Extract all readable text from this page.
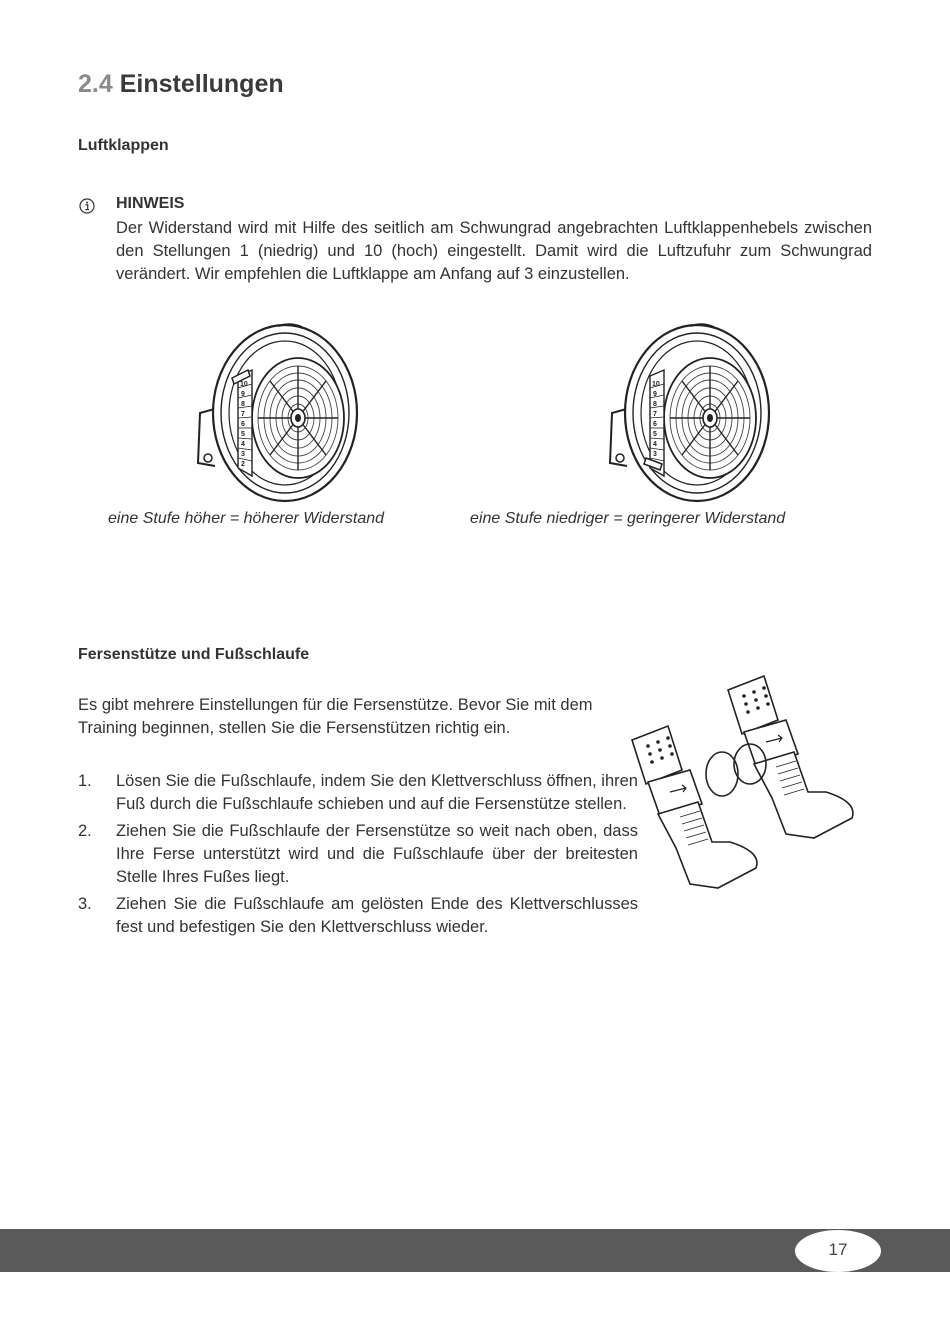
2.4 Einstellungen
Luftklappen
HINWEIS
Der Widerstand wird mit Hilfe des seitlich am Schwungrad angebrachten Luftklappenhebels zwischen den Stellungen 1 (niedrig) und 10 (hoch) eingestellt. Damit wird die Luftzufuhr zum Schwungrad verändert. Wir empfehlen die Luftklappe am Anfang auf 3 einzustellen.
10
9
8
7
6
5
4
3
2
10
9
8
7
6
5
4
3
eine Stufe höher = höherer Widerstand	eine Stufe niedriger = geringerer Widerstand
Fersenstütze und Fußschlaufe
Es gibt mehrere Einstellungen für die Fersenstütze. Bevor Sie mit dem Training beginnen, stellen Sie die Fersenstützen richtig ein.
1. Lösen Sie die Fußschlaufe, indem Sie den Klettverschluss öffnen, ihren Fuß durch die Fußschlaufe schieben und auf die Fersenstütze stellen.
2. Ziehen Sie die Fußschlaufe der Fersenstütze so weit nach oben, dass Ihre Ferse unterstützt wird und die Fußschlaufe über der breitesten Stelle Ihres Fußes liegt.
3. Ziehen Sie die Fußschlaufe am gelösten Ende des Klettverschlusses fest und befestigen Sie den Klettverschluss wieder.
17
